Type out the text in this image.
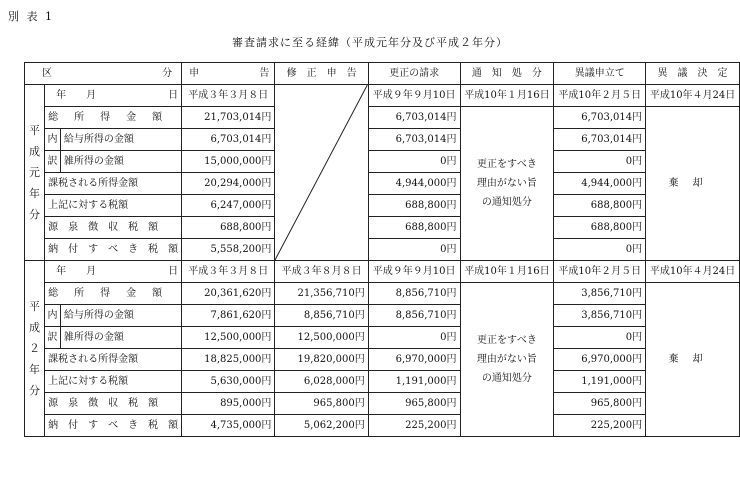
別 表 1
審査請求に至る経緯（平成元年分及び平成２年分）
区 分			申 告	修　正　申　告	更正の請求	通　知　処　分	異議申立て	異　議　決　定

平
成
元
年
分	年　　月 日		平成３年３月８日		平成９年９月10日	平成10年１月16日	平成10年２月５日	平成10年４月24日
	総　所　得　金　額		21,703,014円		6,703,014円	更正をすべき
理由がない旨
の通知処分	6,703,014円	棄却
	内	給与所得の金額	6,703,014円		6,703,014円		6,703,014円	
	訳	雑所得の金額	15,000,000円		0円		0円	
	課税される所得金額		20,294,000円		4,944,000円		4,944,000円	
	上記に対する税額		6,247,000円		688,800円		688,800円	
	源　泉　徴　収　税　額		688,800円		688,800円		688,800円	
	納　付　す　べ　き　税　額		5,558,200円		0円		0円	

平
成
２
年
分	年　　月 日		平成３年３月８日	平成３年８月８日	平成９年９月10日	平成10年１月16日	平成10年２月５日	平成10年４月24日
	総　所　得　金　額		20,361,620円	21,356,710円	8,856,710円	更正をすべき
理由がない旨
の通知処分	3,856,710円	棄却
	内	給与所得の金額	7,861,620円	8,856,710円	8,856,710円		3,856,710円	
	訳	雑所得の金額	12,500,000円	12,500,000円	0円		0円	
	課税される所得金額		18,825,000円	19,820,000円	6,970,000円		6,970,000円	
	上記に対する税額		5,630,000円	6,028,000円	1,191,000円		1,191,000円	
	源　泉　徴　収　税　額		895,000円	965,800円	965,800円		965,800円	
	納　付　す　べ　き　税　額		4,735,000円	5,062,200円	225,200円		225,200円	
